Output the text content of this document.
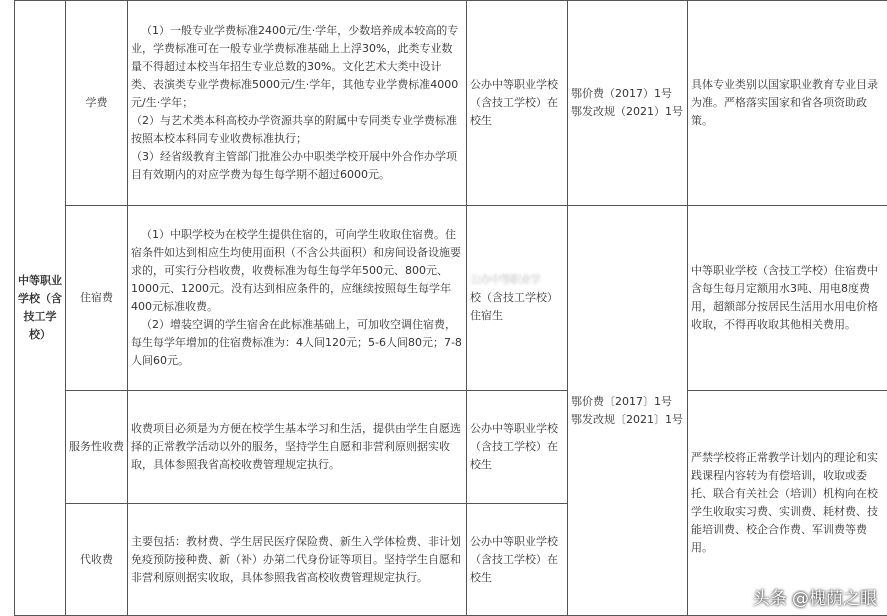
中等职业学校（含技工学校）	学费	（1）一般专业学费标准2400元/生·学年，少数培养成本较高的专业，学费标准可在一般专业学费标准基础上上浮30%，此类专业数量不得超过本校当年招生专业总数的30%。文化艺术大类中设计类、表演类专业学费标准5000元/生·学年，其他专业学费标准4000元/生·学年；
（2）与艺术类本科高校办学资源共享的附属中专同类专业学费标准按照本校本科同专业收费标准执行；
（3）经省级教育主管部门批准公办中职类学校开展中外合作办学项目有效期内的对应学费为每生每学期不超过6000元。	公办中等职业学校（含技工学校）在校生	鄂价费（2017）1号
鄂发改规（2021）1号	具体专业类别以国家职业教育专业目录为准。严格落实国家和省各项资助政策。
	住宿费	（1）中职学校为在校学生提供住宿的，可向学生收取住宿费。住宿条件如达到相应生均使用面积（不含公共面积）和房间设备设施要求的，可实行分档收费，收费标准为每生每学年500元、800元、1000元、1200元。没有达到相应条件的，应继续按照每生每学年400元标准收费。
（2）增装空调的学生宿舍在此标准基础上，可加收空调住宿费，每生每学年增加的住宿费标准为：4人间120元；5-6人间80元；7-8人间60元。	公办中等职业学
校（含技工学校）住宿生	鄂价费〔2017〕1号
鄂发改规〔2021〕1号	中等职业学校（含技工学校）住宿费中含每生每月定额用水3吨、用电8度费用，超额部分按居民生活用水用电价格收取，不得再收取其他相关费用。
	服务性收费	收费项目必须是为方便在校学生基本学习和生活，提供由学生自愿选择的正常教学活动以外的服务，坚持学生自愿和非营利原则据实收取，具体参照我省高校收费管理规定执行。	公办中等职业学校（含技工学校）在校生		严禁学校将正常教学计划内的理论和实践课程内容转为有偿培训，收取或委托、联合有关社会（培训）机构向在校学生收取实习费、实训费、耗材费、技能培训费、校企合作费、军训费等费用。
	代收费	主要包括：教材费、学生居民医疗保险费、新生入学体检费、非计划免疫预防接种费、新（补）办第二代身份证等项目。坚持学生自愿和非营利原则据实收取，具体参照我省高校收费管理规定执行。	公办中等职业学校（含技工学校）在校生		
头条 @槐荫之眼
